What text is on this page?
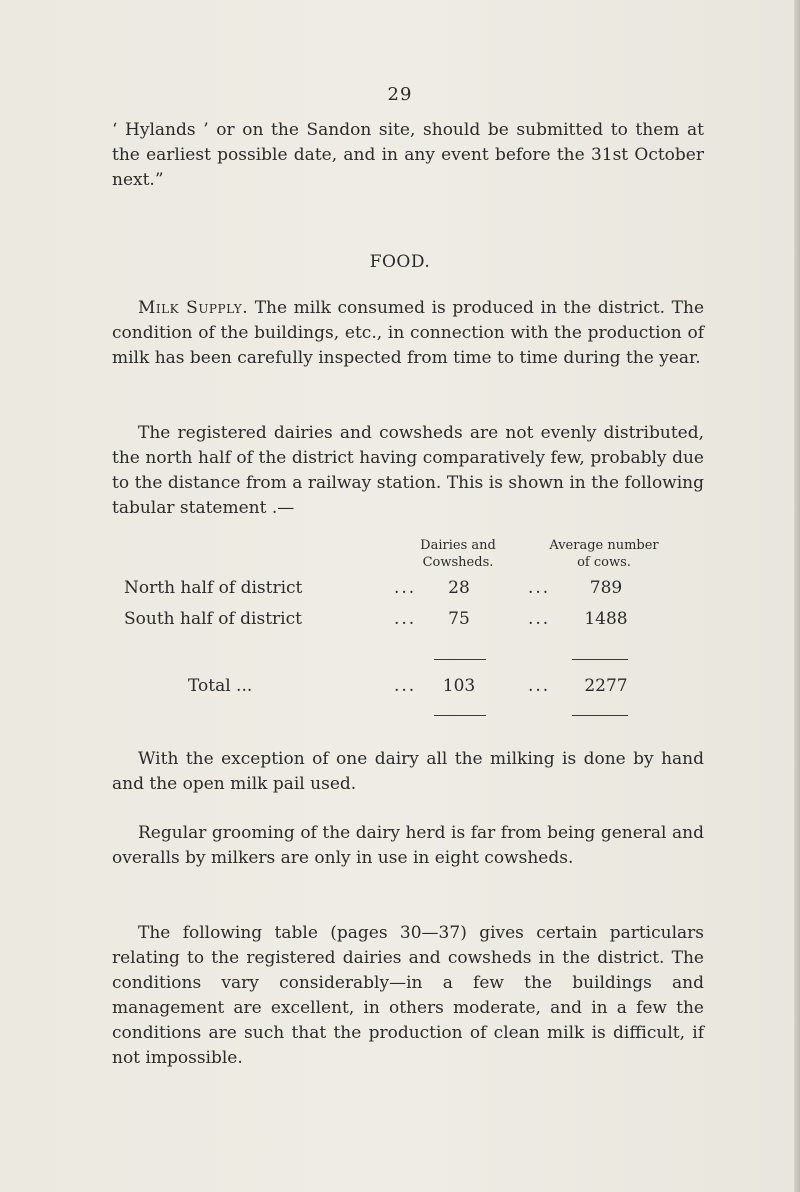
29

‘ Hylands ’ or on the Sandon site, should be submitted to them at the earliest possible date, and in any event before the 31st October next.”

FOOD.

Milk Supply. The milk consumed is produced in the district. The condition of the buildings, etc., in connection with the production of milk has been carefully inspected from time to time during the year.

The registered dairies and cowsheds are not evenly distributed, the north half of the district having comparatively few, probably due to the distance from a railway station. This is shown in the following tabular statement .—

Dairies and
Cowsheds.
Average number
of cows.
North half of district	...	28	...	789
South half of district	...	75	...	1488
Total ...	...	103	...	2277

With the exception of one dairy all the milking is done by hand and the open milk pail used.

Regular grooming of the dairy herd is far from being general and overalls by milkers are only in use in eight cowsheds.

The following table (pages 30—37) gives certain particulars relating to the registered dairies and cowsheds in the district. The conditions vary considerably—in a few the buildings and management are excellent, in others moderate, and in a few the conditions are such that the production of clean milk is difficult, if not impossible.
